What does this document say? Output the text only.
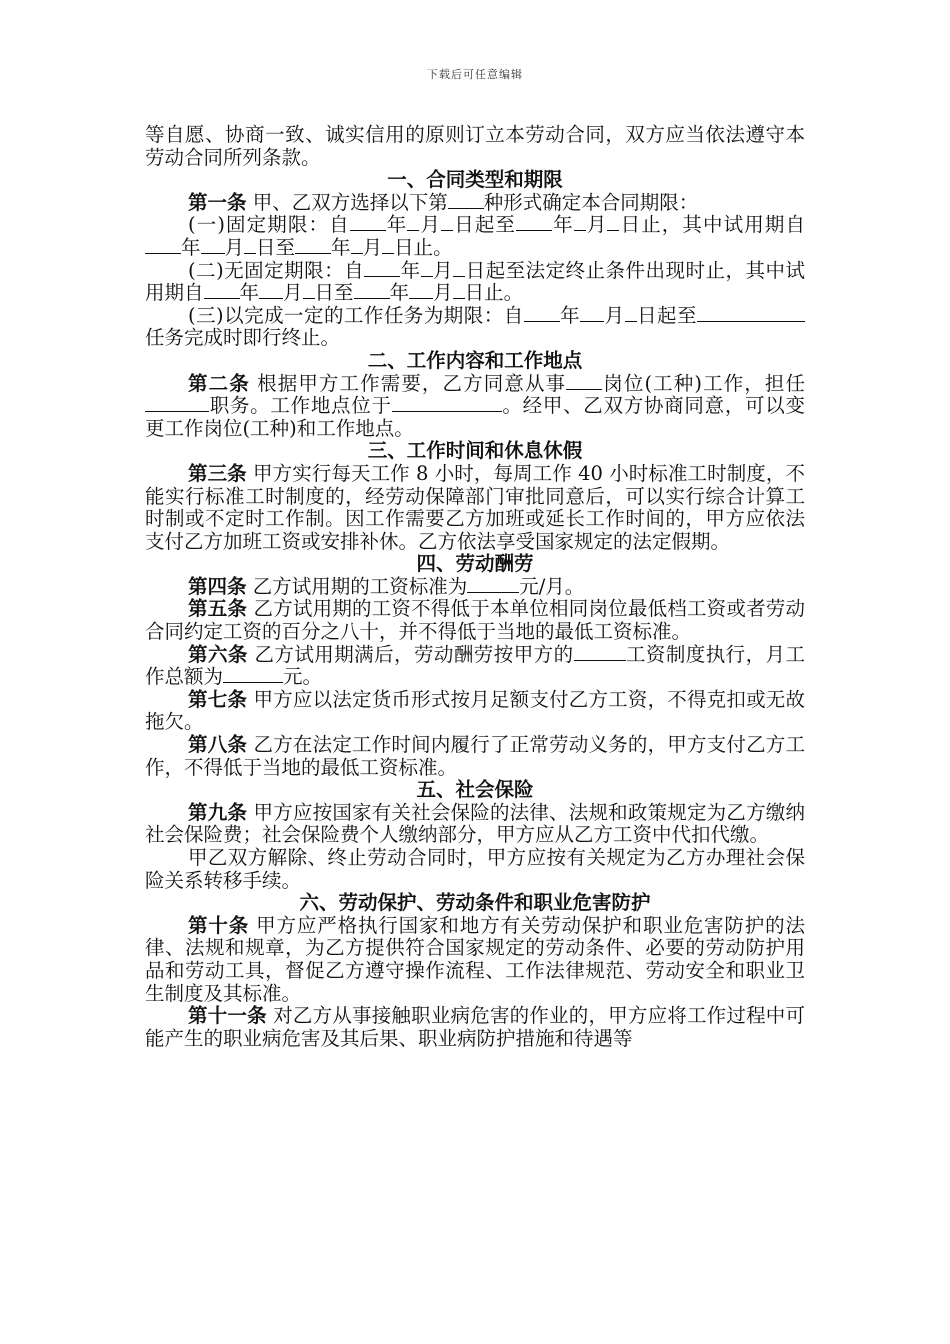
下载后可任意编辑

等自愿、协商一致、诚实信用的原则订立本劳动合同，双方应当依法遵守本劳动合同所列条款。

一、合同类型和期限

第一条 甲、乙双方选择以下第 种形式确定本合同期限：

(一)固定期限：自 年 月 日起至 年 月 日止，其中试用期自年 月 日至 年 月 日止。

(二)无固定期限：自 年 月 日起至法定终止条件出现时止，其中试用期自 年 月 日至 年 月 日止。

(三)以完成一定的工作任务为期限：自 年 月 日起至任务完成时即行终止。

二、工作内容和工作地点

第二条 根据甲方工作需要，乙方同意从事 岗位(工种)工作，担任职务。工作地点位于	。经甲、乙双方协商同意，可以变更工作岗位(工种)和工作地点。

三、工作时间和休息休假

第三条 甲方实行每天工作 8 小时，每周工作 40 小时标准工时制度，不能实行标准工时制度的，经劳动保障部门审批同意后，可以实行综合计算工时制或不定时工作制。因工作需要乙方加班或延长工作时间的，甲方应依法支付乙方加班工资或安排补休。乙方依法享受国家规定的法定假期。

四、劳动酬劳

第四条 乙方试用期的工资标准为	元/月。

第五条 乙方试用期的工资不得低于本单位相同岗位最低档工资或者劳动合同约定工资的百分之八十，并不得低于当地的最低工资标准。

第六条 乙方试用期满后，劳动酬劳按甲方的	工资制度执行，月工作总额为	元。

第七条 甲方应以法定货币形式按月足额支付乙方工资，不得克扣或无故拖欠。

第八条 乙方在法定工作时间内履行了正常劳动义务的，甲方支付乙方工作，不得低于当地的最低工资标准。

五、社会保险

第九条 甲方应按国家有关社会保险的法律、法规和政策规定为乙方缴纳社会保险费；社会保险费个人缴纳部分，甲方应从乙方工资中代扣代缴。

甲乙双方解除、终止劳动合同时，甲方应按有关规定为乙方办理社会保险关系转移手续。

六、劳动保护、劳动条件和职业危害防护

第十条 甲方应严格执行国家和地方有关劳动保护和职业危害防护的法律、法规和规章，为乙方提供符合国家规定的劳动条件、必要的劳动防护用品和劳动工具，督促乙方遵守操作流程、工作法律规范、劳动安全和职业卫生制度及其标准。

第十一条 对乙方从事接触职业病危害的作业的，甲方应将工作过程中可能产生的职业病危害及其后果、职业病防护措施和待遇等
